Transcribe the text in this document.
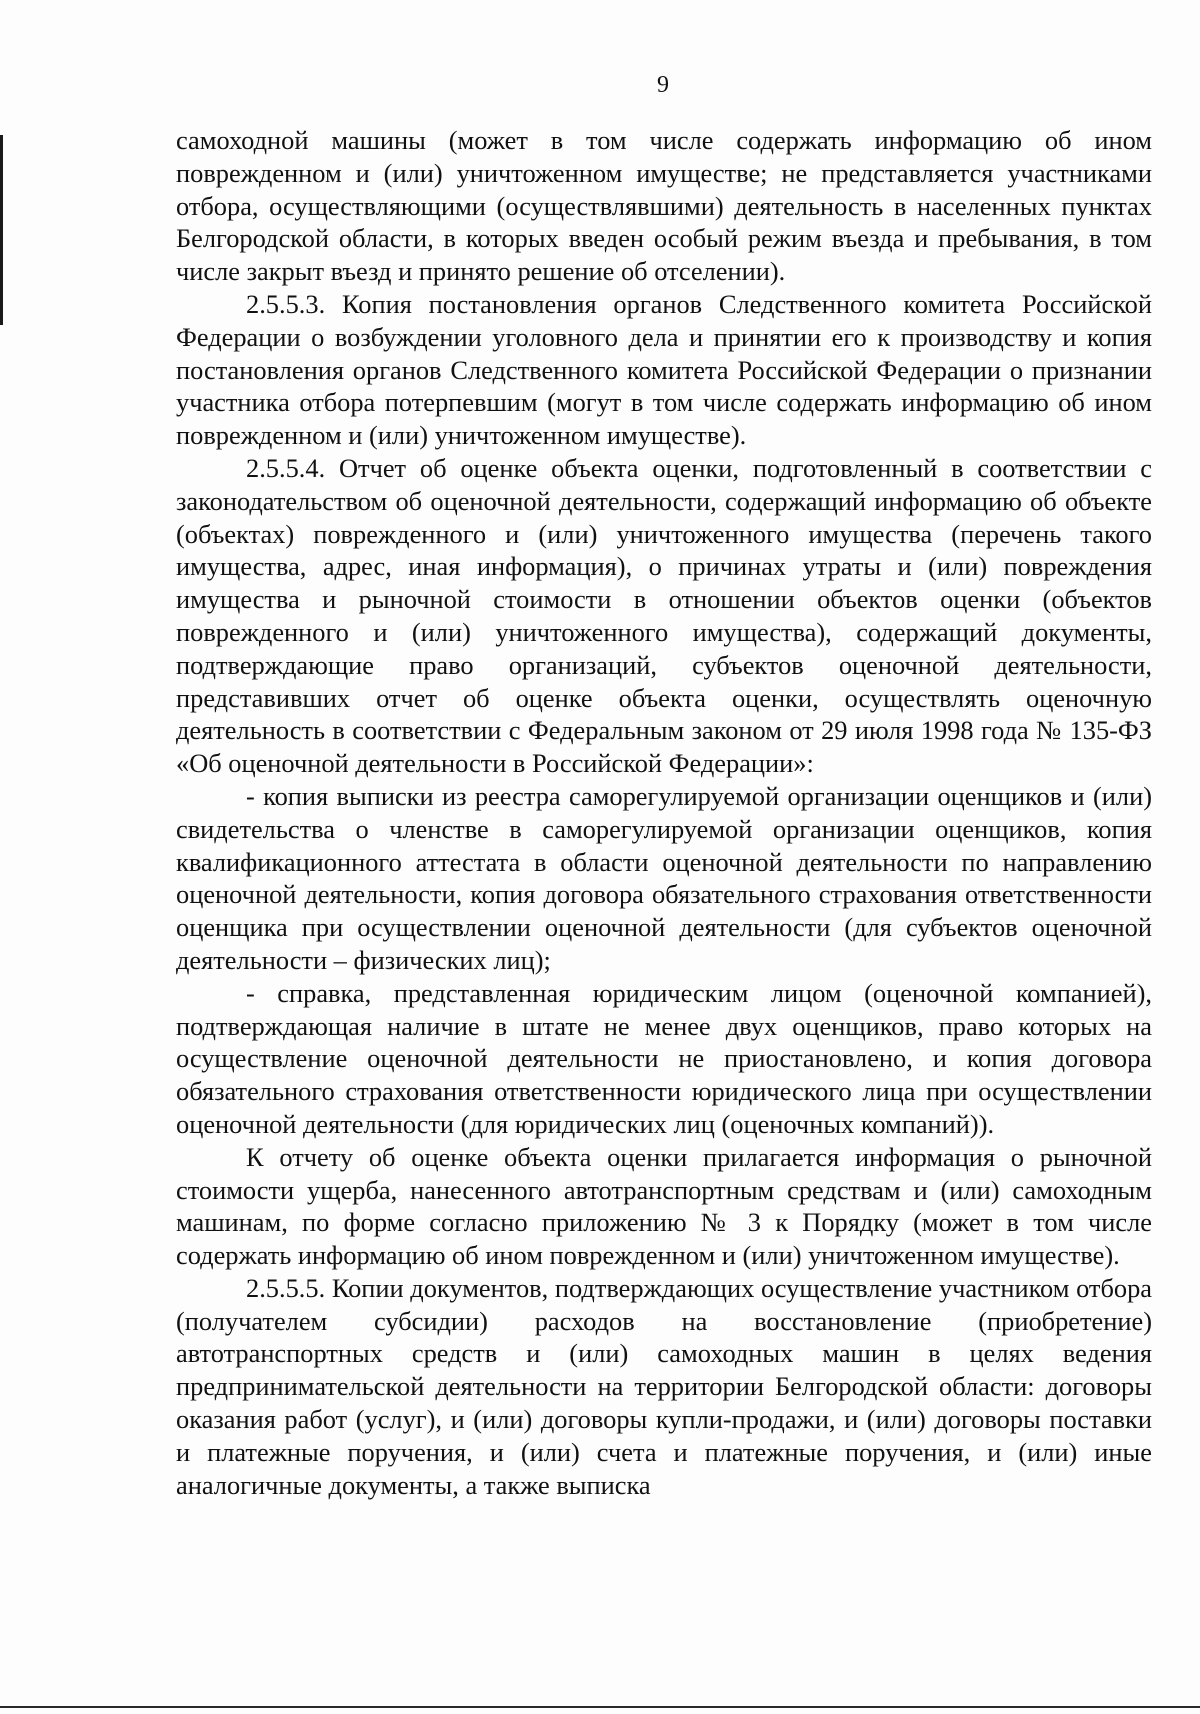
9

самоходной машины (может в том числе содержать информацию об ином поврежденном и (или) уничтоженном имуществе; не представляется участниками отбора, осуществляющими (осуществлявшими) деятельность в населенных пунктах Белгородской области, в которых введен особый режим въезда и пребывания, в том числе закрыт въезд и принято решение об отселении).

2.5.5.3. Копия постановления органов Следственного комитета Российской Федерации о возбуждении уголовного дела и принятии его к производству и копия постановления органов Следственного комитета Российской Федерации о признании участника отбора потерпевшим (могут в том числе содержать информацию об ином поврежденном и (или) уничтоженном имуществе).

2.5.5.4. Отчет об оценке объекта оценки, подготовленный в соответствии с законодательством об оценочной деятельности, содержащий информацию об объекте (объектах) поврежденного и (или) уничтоженного имущества (перечень такого имущества, адрес, иная информация), о причинах утраты и (или) повреждения имущества и рыночной стоимости в отношении объектов оценки (объектов поврежденного и (или) уничтоженного имущества), содержащий документы, подтверждающие право организаций, субъектов оценочной деятельности, представивших отчет об оценке объекта оценки, осуществлять оценочную деятельность в соответствии с Федеральным законом от 29 июля 1998 года № 135-ФЗ «Об оценочной деятельности в Российской Федерации»:

- копия выписки из реестра саморегулируемой организации оценщиков и (или) свидетельства о членстве в саморегулируемой организации оценщиков, копия квалификационного аттестата в области оценочной деятельности по направлению оценочной деятельности, копия договора обязательного страхования ответственности оценщика при осуществлении оценочной деятельности (для субъектов оценочной деятельности – физических лиц);

- справка, представленная юридическим лицом (оценочной компанией), подтверждающая наличие в штате не менее двух оценщиков, право которых на осуществление оценочной деятельности не приостановлено, и копия договора обязательного страхования ответственности юридического лица при осуществлении оценочной деятельности (для юридических лиц (оценочных компаний)).

К отчету об оценке объекта оценки прилагается информация о рыночной стоимости ущерба, нанесенного автотранспортным средствам и (или) самоходным машинам, по форме согласно приложению № 3 к Порядку (может в том числе содержать информацию об ином поврежденном и (или) уничтоженном имуществе).

2.5.5.5. Копии документов, подтверждающих осуществление участником отбора (получателем субсидии) расходов на восстановление (приобретение) автотранспортных средств и (или) самоходных машин в целях ведения предпринимательской деятельности на территории Белгородской области: договоры оказания работ (услуг), и (или) договоры купли-продажи, и (или) договоры поставки и платежные поручения, и (или) счета и платежные поручения, и (или) иные аналогичные документы, а также выписка
